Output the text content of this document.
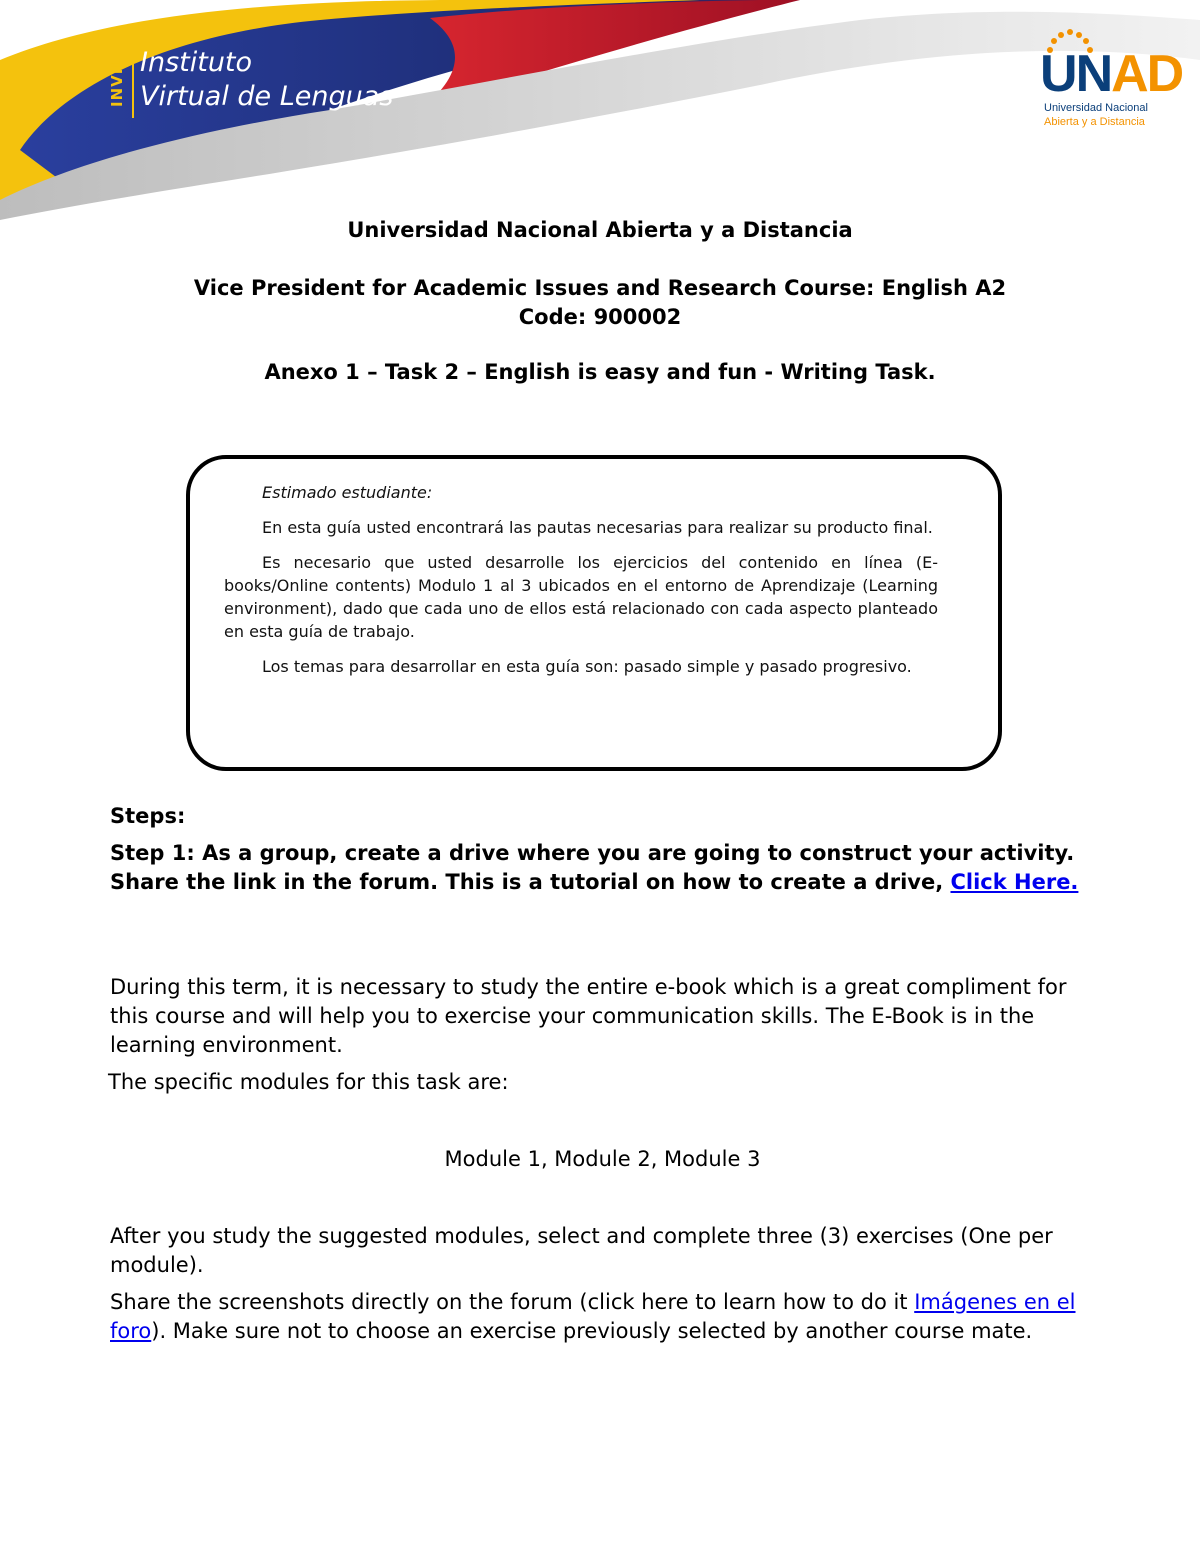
INVIL Instituto
Virtual de Lenguas	UNAD
Universidad Nacional
Abierta y a Distancia
Universidad Nacional Abierta y a Distancia
Vice President for Academic Issues and Research Course: English A2
Code: 900002
Anexo 1 – Task 2 – English is easy and fun - Writing Task.

Estimado estudiante:

En esta guía usted encontrará las pautas necesarias para realizar su producto final.

Es necesario que usted desarrolle los ejercicios del contenido en línea (E-books/Online contents) Modulo 1 al 3 ubicados en el entorno de Aprendizaje (Learning environment), dado que cada uno de ellos está relacionado con cada aspecto planteado en esta guía de trabajo.

Los temas para desarrollar en esta guía son: pasado simple y pasado progresivo.

Steps:
Step 1: As a group, create a drive where you are going to construct your activity. Share the link in the forum. This is a tutorial on how to create a drive, Click Here.
During this term, it is necessary to study the entire e-book which is a great compliment for this course and will help you to exercise your communication skills. The E-Book is in the learning environment.
The specific modules for this task are:
Module 1, Module 2, Module 3
After you study the suggested modules, select and complete three (3) exercises (One per module).
Share the screenshots directly on the forum (click here to learn how to do it Imágenes en el foro). Make sure not to choose an exercise previously selected by another course mate.
